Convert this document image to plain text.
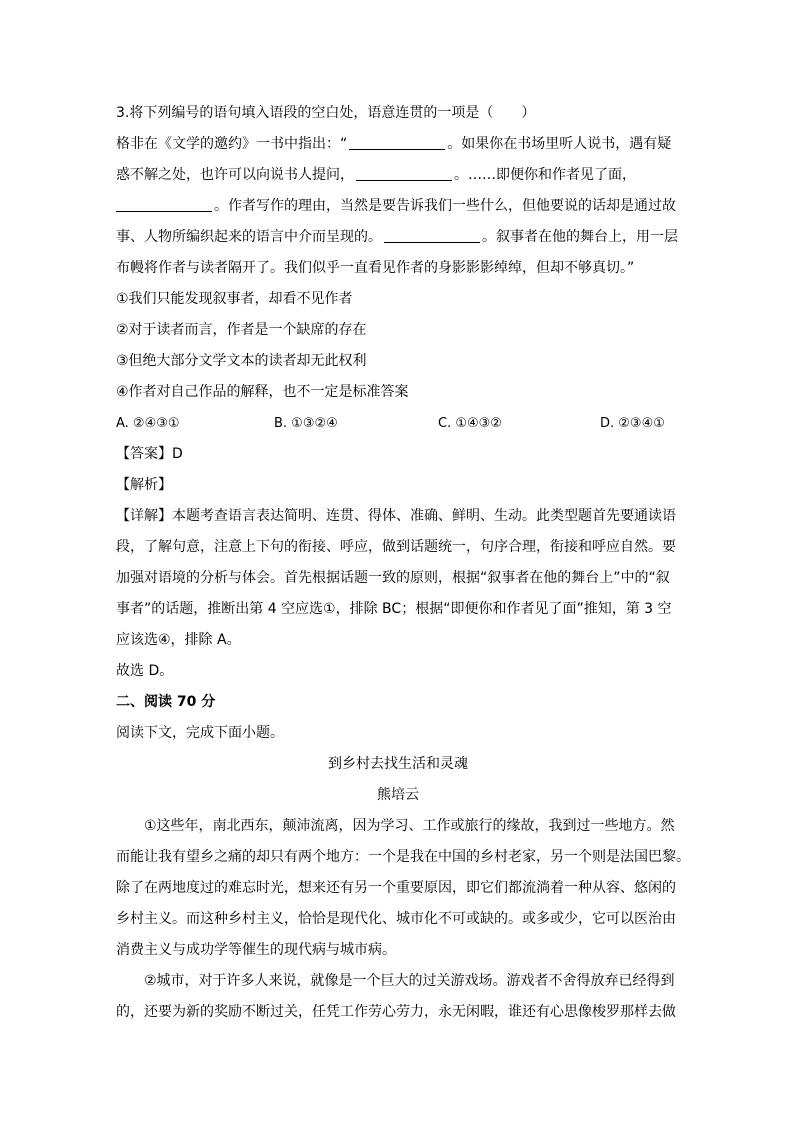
3.将下列编号的语句填入语段的空白处，语意连贯的一项是（　　）

格非在《文学的邀约》一书中指出：“	。如果你在书场里听人说书，遇有疑

惑不解之处，也许可以向说书人提问，	。……即便你和作者见了面，

。作者写作的理由，当然是要告诉我们一些什么，但他要说的话却是通过故

事、人物所编织起来的语言中介而呈现的。	。叙事者在他的舞台上，用一层

布幔将作者与读者隔开了。我们似乎一直看见作者的身影影影绰绰，但却不够真切。”

①我们只能发现叙事者，却看不见作者

②对于读者而言，作者是一个缺席的存在

③但绝大部分文学文本的读者却无此权利

④作者对自己作品的解释，也不一定是标准答案

A. ②④③①	B. ①③②④	C. ①④③②	D. ②③④①

【答案】D

【解析】

【详解】本题考查语言表达简明、连贯、得体、准确、鲜明、生动。此类型题首先要通读语

段，了解句意，注意上下句的衔接、呼应，做到话题统一，句序合理，衔接和呼应自然。要

加强对语境的分析与体会。首先根据话题一致的原则，根据“叙事者在他的舞台上”中的“叙

事者”的话题，推断出第 4 空应选①，排除 BC；根据“即便你和作者见了面”推知，第 3 空

应该选④，排除 A。

故选 D。

二、阅读 70 分

阅读下文，完成下面小题。

到乡村去找生活和灵魂

熊培云

①这些年，南北西东，颠沛流离，因为学习、工作或旅行的缘故，我到过一些地方。然

而能让我有望乡之痛的却只有两个地方：一个是我在中国的乡村老家，另一个则是法国巴黎。

除了在两地度过的难忘时光，想来还有另一个重要原因，即它们都流淌着一种从容、悠闲的

乡村主义。而这种乡村主义，恰恰是现代化、城市化不可或缺的。或多或少，它可以医治由

消费主义与成功学等催生的现代病与城市病。

②城市，对于许多人来说，就像是一个巨大的过关游戏场。游戏者不舍得放弃已经得到

的，还要为新的奖励不断过关，任凭工作劳心劳力，永无闲暇，谁还有心思像梭罗那样去做
